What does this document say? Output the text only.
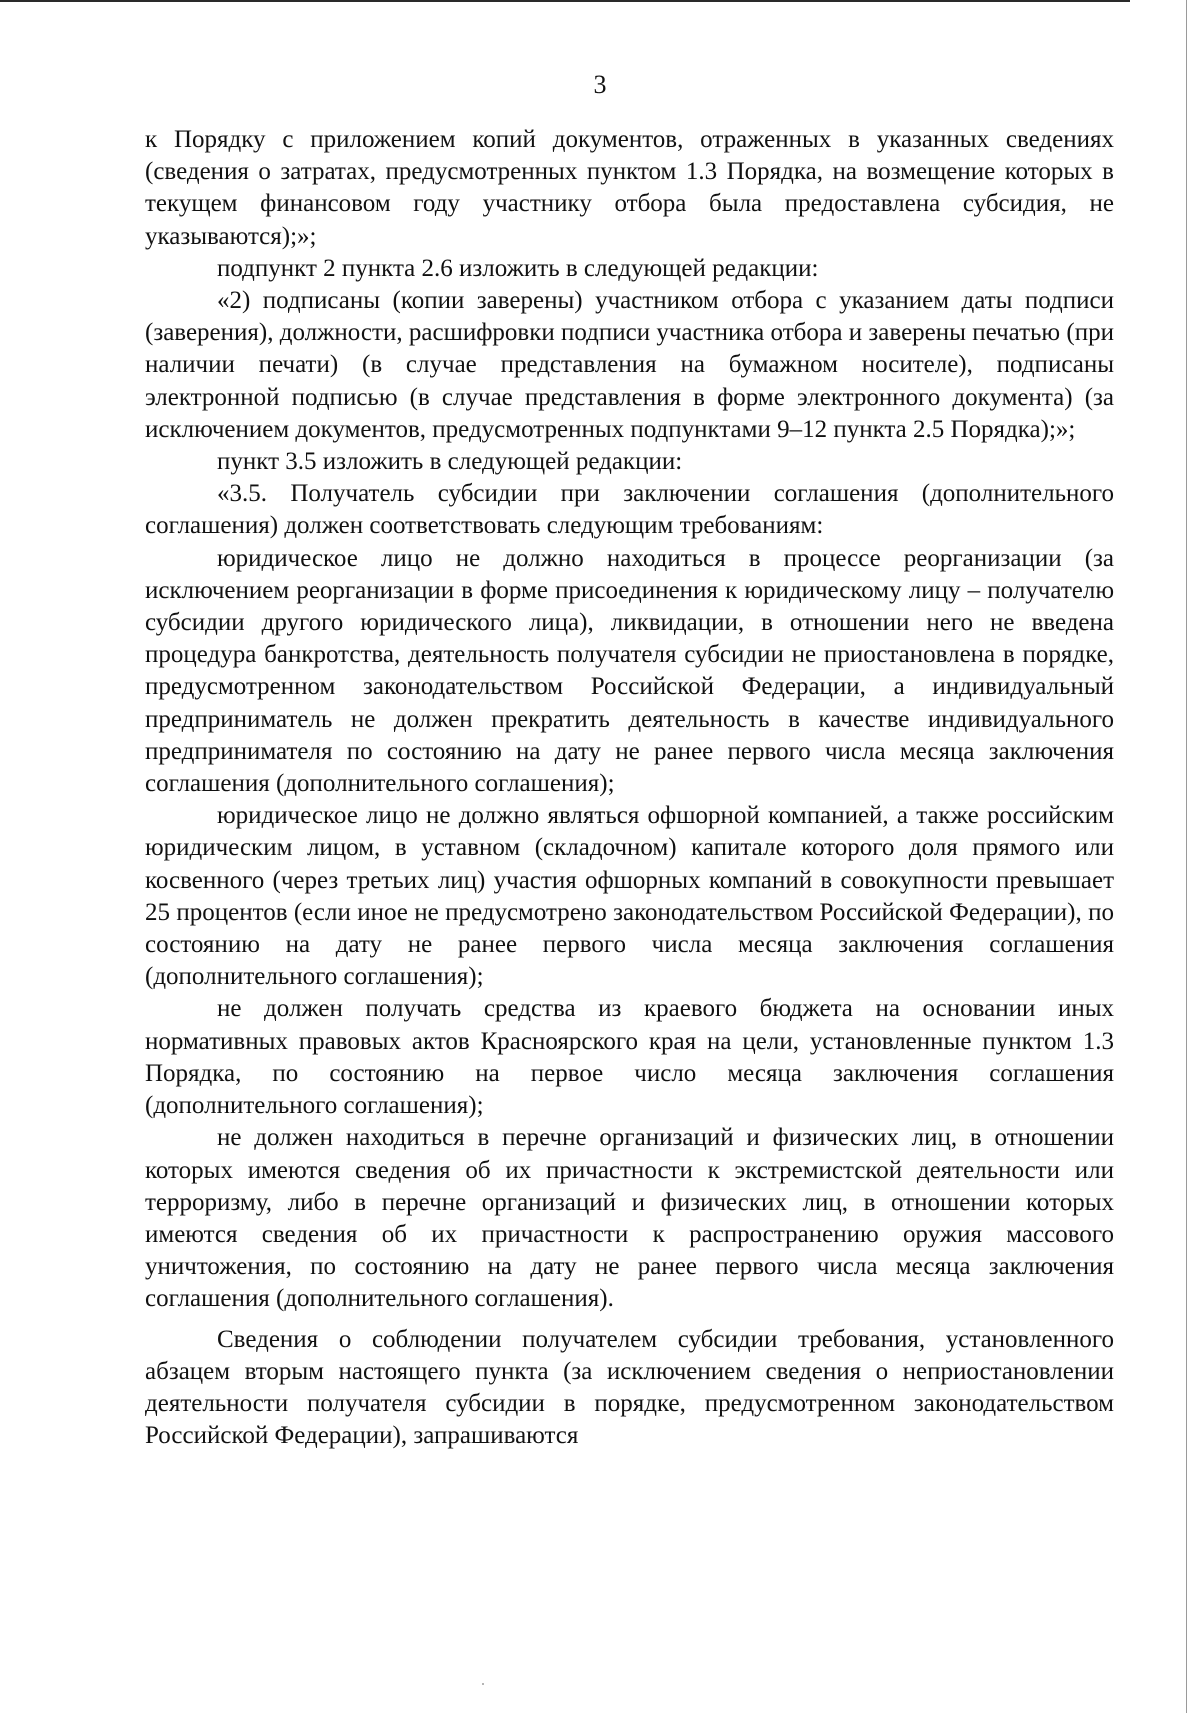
3

к Порядку с приложением копий документов, отраженных в указанных сведениях (сведения о затратах, предусмотренных пунктом 1.3 Порядка, на возмещение которых в текущем финансовом году участнику отбора была предоставлена субсидия, не указываются);»;

подпункт 2 пункта 2.6 изложить в следующей редакции:

«2) подписаны (копии заверены) участником отбора с указанием даты подписи (заверения), должности, расшифровки подписи участника отбора и заверены печатью (при наличии печати) (в случае представления на бумажном носителе), подписаны электронной подписью (в случае представления в форме электронного документа) (за исключением документов, предусмотренных подпунктами 9–12 пункта 2.5 Порядка);»;

пункт 3.5 изложить в следующей редакции:

«3.5. Получатель субсидии при заключении соглашения (дополнительного соглашения) должен соответствовать следующим требованиям:

юридическое лицо не должно находиться в процессе реорганизации (за исключением реорганизации в форме присоединения к юридическому лицу – получателю субсидии другого юридического лица), ликвидации, в отношении него не введена процедура банкротства, деятельность получателя субсидии не приостановлена в порядке, предусмотренном законодательством Российской Федерации, а индивидуальный предприниматель не должен прекратить деятельность в качестве индивидуального предпринимателя по состоянию на дату не ранее первого числа месяца заключения соглашения (дополнительного соглашения);

юридическое лицо не должно являться офшорной компанией, а также российским юридическим лицом, в уставном (складочном) капитале которого доля прямого или косвенного (через третьих лиц) участия офшорных компаний в совокупности превышает 25 процентов (если иное не предусмотрено законодательством Российской Федерации), по состоянию на дату не ранее первого числа месяца заключения соглашения (дополнительного соглашения);

не должен получать средства из краевого бюджета на основании иных нормативных правовых актов Красноярского края на цели, установленные пунктом 1.3 Порядка, по состоянию на первое число месяца заключения соглашения (дополнительного соглашения);

не должен находиться в перечне организаций и физических лиц, в отношении которых имеются сведения об их причастности к экстремистской деятельности или терроризму, либо в перечне организаций и физических лиц, в отношении которых имеются сведения об их причастности к распространению оружия массового уничтожения, по состоянию на дату не ранее первого числа месяца заключения соглашения (дополнительного соглашения).

Сведения о соблюдении получателем субсидии требования, установленного абзацем вторым настоящего пункта (за исключением сведения о неприостановлении деятельности получателя субсидии в порядке, предусмотренном законодательством Российской Федерации), запрашиваются
